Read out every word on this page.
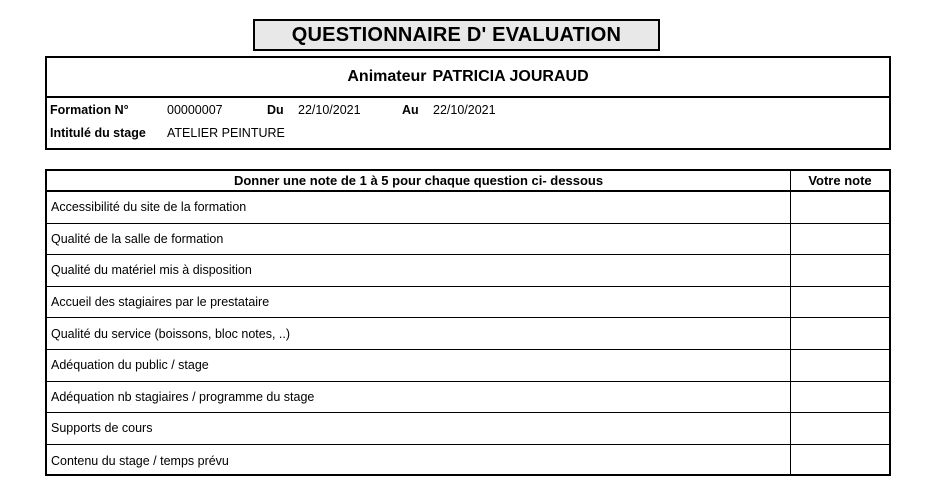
QUESTIONNAIRE D' EVALUATION
Animateur PATRICIA JOURAUD
Formation N°	00000007	Du 22/10/2021	Au 22/10/2021
Intitulé du stage ATELIER PEINTURE
Donner une note de 1 à 5 pour chaque question ci- dessous	Votre note
Accessibilité du site de la formation
Qualité de la salle de formation
Qualité du matériel mis à disposition
Accueil des stagiaires par le prestataire
Qualité du service (boissons, bloc notes, ..)
Adéquation du public / stage
Adéquation nb stagiaires / programme du stage
Supports de cours
Contenu du stage / temps prévu
